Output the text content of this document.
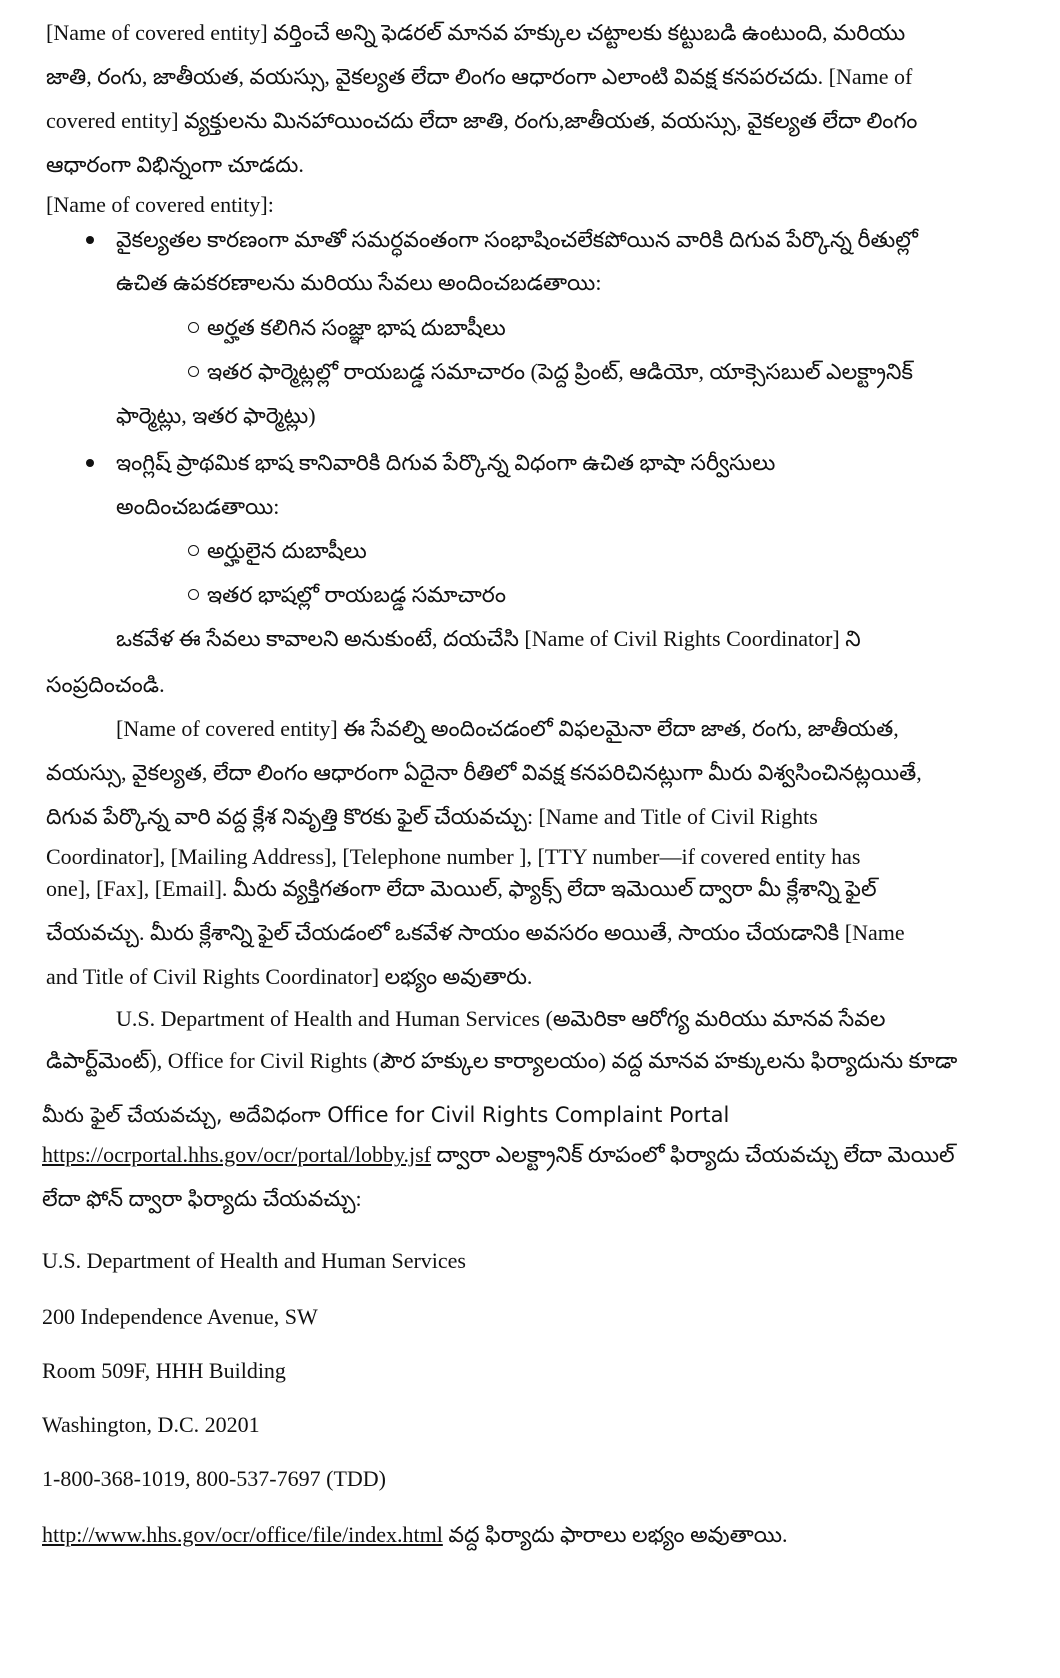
[Name of covered entity] వర్తించే అన్ని ఫెడరల్ మానవ హక్కుల చట్టాలకు కట్టుబడి ఉంటుంది, మరియు
జాతి, రంగు, జాతీయత, వయస్సు, వైకల్యత లేదా లింగం ఆధారంగా ఎలాంటి వివక్ష కనపరచదు. [Name of
covered entity] వ్యక్తులను మినహాయించదు లేదా జాతి, రంగు,జాతీయత, వయస్సు, వైకల్యత లేదా లింగం
ఆధారంగా విభిన్నంగా చూడదు.
[Name of covered entity]:
వైకల్యతల కారణంగా మాతో సమర్ధవంతంగా సంభాషించలేకపోయిన వారికి దిగువ పేర్కొన్న రీతుల్లో
ఉచిత ఉపకరణాలను మరియు సేవలు అందించబడతాయి:
అర్హత కలిగిన సంజ్ఞా భాష దుబాషీలు
ఇతర ఫార్మెట్లల్లో రాయబడ్డ సమాచారం (పెద్ద ప్రింట్, ఆడియో, యాక్సెసబుల్ ఎలక్ట్రానిక్
ఫార్మెట్లు, ఇతర ఫార్మెట్లు)
ఇంగ్లిష్ ప్రాథమిక భాష కానివారికి దిగువ పేర్కొన్న విధంగా ఉచిత భాషా సర్వీసులు
అందించబడతాయి:
అర్హులైన దుబాషీలు
ఇతర భాషల్లో రాయబడ్డ సమాచారం
ఒకవేళ ఈ సేవలు కావాలని అనుకుంటే, దయచేసి [Name of Civil Rights Coordinator] ని
సంప్రదించండి.
[Name of covered entity] ఈ సేవల్ని అందించడంలో విఫలమైనా లేదా జాత, రంగు, జాతీయత,
వయస్సు, వైకల్యత, లేదా లింగం ఆధారంగా ఏదైనా రీతిలో వివక్ష కనపరిచినట్లుగా మీరు విశ్వసించినట్లయితే,
దిగువ పేర్కొన్న వారి వద్ద క్లేశ నివృత్తి కొరకు ఫైల్ చేయవచ్చు: [Name and Title of Civil Rights
Coordinator], [Mailing Address], [Telephone number ], [TTY number—if covered entity has
one], [Fax], [Email]. మీరు వ్యక్తిగతంగా లేదా మెయిల్, ఫ్యాక్స్ లేదా ఇమెయిల్ ద్వారా మీ క్లేశాన్ని ఫైల్
చేయవచ్చు. మీరు క్లేశాన్ని ఫైల్ చేయడంలో ఒకవేళ సాయం అవసరం అయితే, సాయం చేయడానికి [Name
and Title of Civil Rights Coordinator] లభ్యం అవుతారు.
U.S. Department of Health and Human Services (అమెరికా ఆరోగ్య మరియు మానవ సేవల
డిపార్ట్‌మెంట్), Office for Civil Rights (పౌర హక్కుల కార్యాలయం) వద్ద మానవ హక్కులను ఫిర్యాదును కూడా
మీరు ఫైల్ చేయవచ్చు, అదేవిధంగా Office for Civil Rights Complaint Portal
https://ocrportal.hhs.gov/ocr/portal/lobby.jsf ద్వారా ఎలక్ట్రానిక్ రూపంలో ఫిర్యాదు చేయవచ్చు లేదా మెయిల్
లేదా ఫోన్ ద్వారా ఫిర్యాదు చేయవచ్చు:
U.S. Department of Health and Human Services
200 Independence Avenue, SW
Room 509F, HHH Building
Washington, D.C. 20201
1-800-368-1019, 800-537-7697 (TDD)
http://www.hhs.gov/ocr/office/file/index.html వద్ద ఫిర్యాదు ఫారాలు లభ్యం అవుతాయి.
